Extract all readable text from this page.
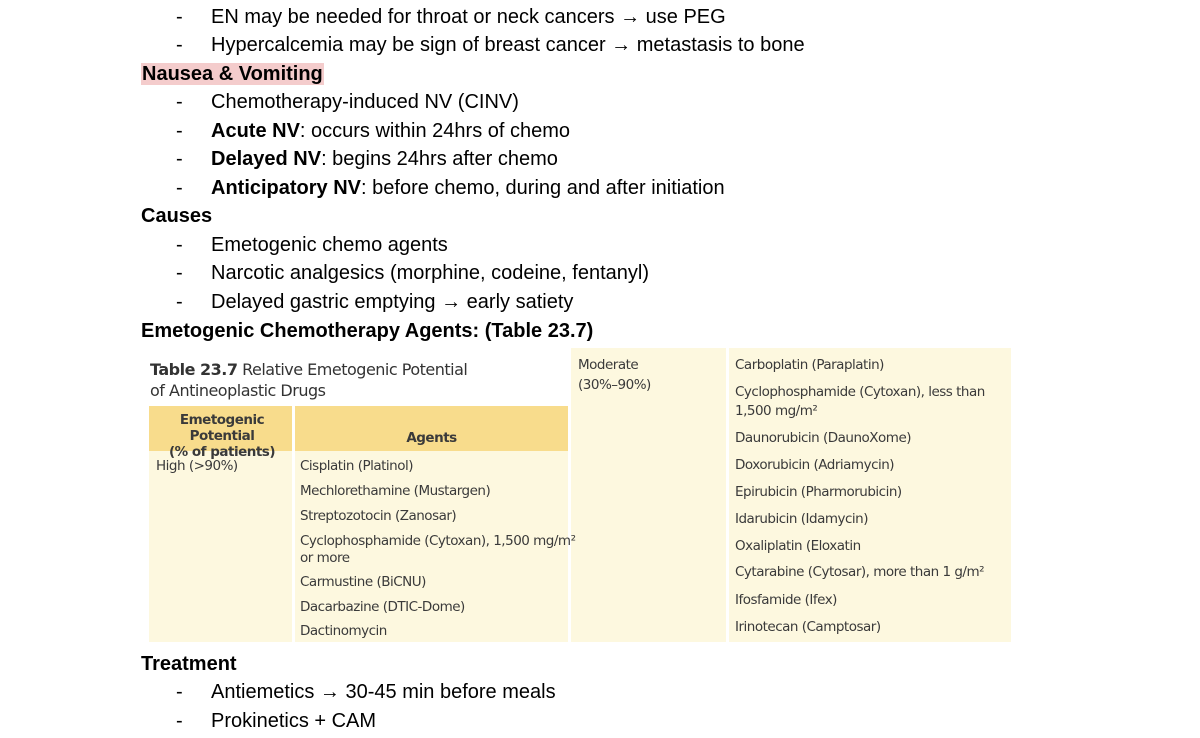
- EN may be needed for throat or neck cancers → use PEG
- Hypercalcemia may be sign of breast cancer → metastasis to bone
Nausea & Vomiting
- Chemotherapy-induced NV (CINV)
- Acute NV: occurs within 24hrs of chemo
- Delayed NV: begins 24hrs after chemo
- Anticipatory NV: before chemo, during and after initiation
Causes
- Emetogenic chemo agents
- Narcotic analgesics (morphine, codeine, fentanyl)
- Delayed gastric emptying → early satiety
Emetogenic Chemotherapy Agents: (Table 23.7)
Table 23.7 Relative Emetogenic Potential
of Antineoplastic Drugs
Emetogenic Potential
(% of patients)
Agents
High (>90%)	Cisplatin (Platinol)
Mechlorethamine (Mustargen)
Streptozotocin (Zanosar)
Cyclophosphamide (Cytoxan), 1,500 mg/m²
or more
Carmustine (BiCNU)
Dacarbazine (DTIC-Dome)
Dactinomycin
Moderate
(30%–90%)
Carboplatin (Paraplatin)
Cyclophosphamide (Cytoxan), less than
1,500 mg/m²
Daunorubicin (DaunoXome)
Doxorubicin (Adriamycin)
Epirubicin (Pharmorubicin)
Idarubicin (Idamycin)
Oxaliplatin (Eloxatin
Cytarabine (Cytosar), more than 1 g/m²
Ifosfamide (Ifex)
Irinotecan (Camptosar)
Treatment
- Antiemetics → 30-45 min before meals
- Prokinetics + CAM
